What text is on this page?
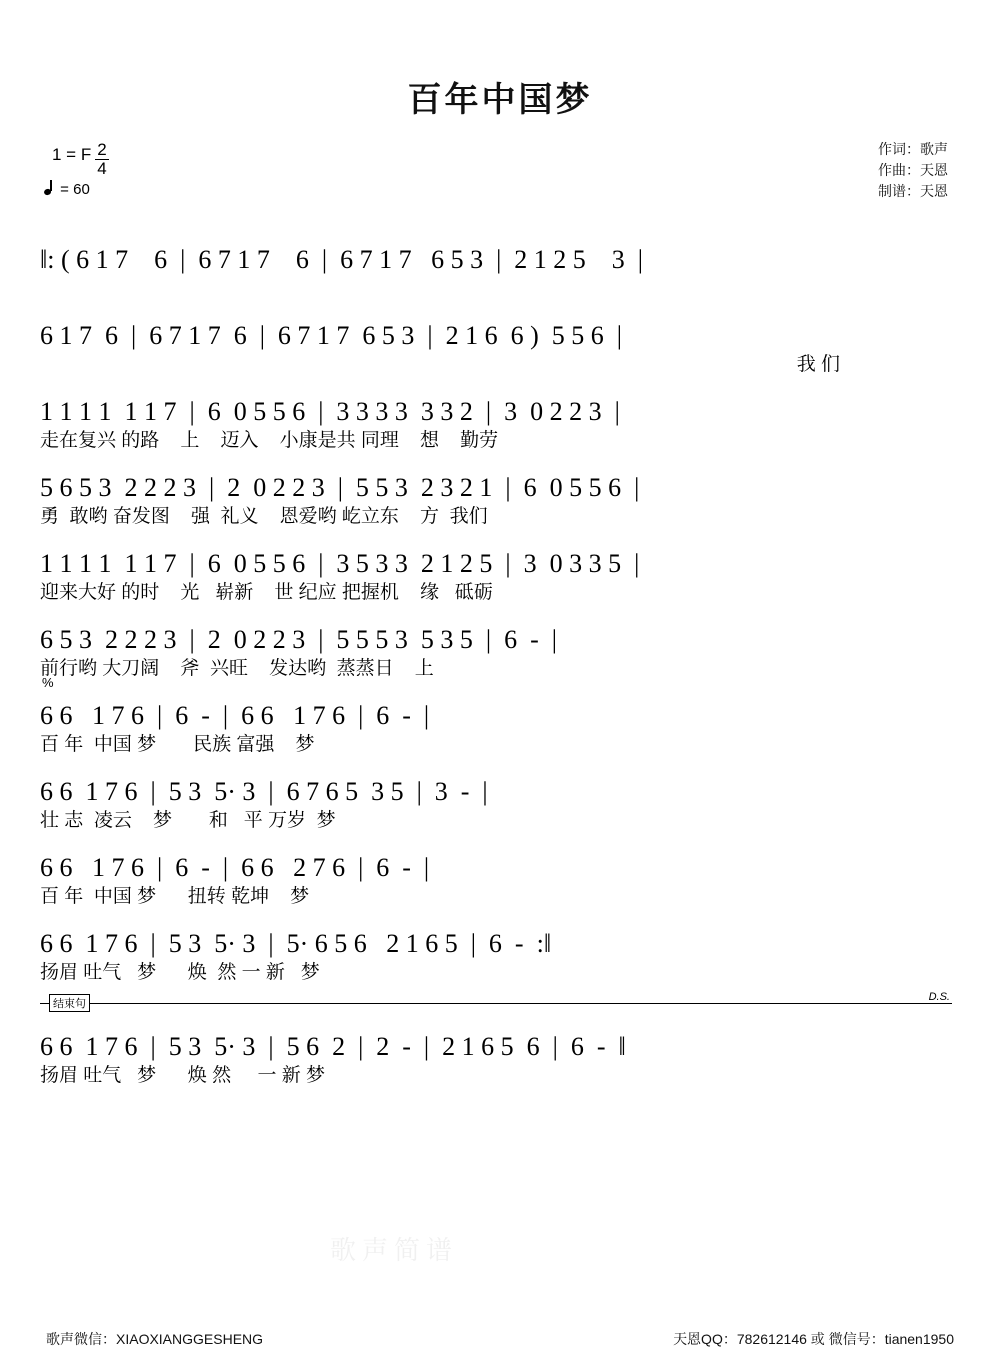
百年中国梦
1 = F $\frac{2}{4}$
= 60
作词：歌声
作曲：天恩
制谱：天恩
‖: ( 6 1 7    6  |  6 7 1 7    6  |  6 7 1 7   6 5 3  |  2 1 2 5    3  |
6 1 7  6  |  6 7 1 7  6  |  6 7 1 7  6 5 3  |  2 1 6  6 )  5 5 6  |
我 们
1 1 1 1  1 1 7  |  6  0 5 5 6  |  3 3 3 3  3 3 2  |  3  0 2 2 3  |
走在复兴 的路    上    迈入    小康是共 同理    想    勤劳
5 6 5 3  2 2 2 3  |  2  0 2 2 3  |  5 5 3  2 3 2 1  |  6  0 5 5 6  |
勇  敢哟 奋发图    强  礼义    恩爱哟 屹立东    方  我们
1 1 1 1  1 1 7  |  6  0 5 5 6  |  3 5 3 3  2 1 2 5  |  3  0 3 3 5  |
迎来大好 的时    光   崭新    世 纪应 把握机    缘   砥砺
6 5 3  2 2 2 3  |  2  0 2 2 3  |  5 5 5 3  5 3 5  |  6  -  |
前行哟 大刀阔    斧  兴旺    发达哟  蒸蒸日    上
%
6 6   1 7 6  |  6  -  |  6 6   1 7 6  |  6  -  |
百 年  中国 梦       民族 富强    梦
6 6  1 7 6  |  5 3  5· 3  |  6 7 6 5  3 5  |  3  -  |
壮 志  凌云    梦       和   平 万岁  梦
6 6   1 7 6  |  6  -  |  6 6   2 7 6  |  6  -  |
百 年  中国 梦      扭转 乾坤    梦
6 6  1 7 6  |  5 3  5· 3  |  5· 6 5 6   2 1 6 5  |  6  -  :‖
D.S.
扬眉 吐气   梦      焕  然 一 新   梦
结束句
6 6  1 7 6  |  5 3  5· 3  |  5 6  2  |  2  -  |  2 1 6 5  6  |  6  -  ‖
扬眉 吐气   梦      焕 然     一 新 梦
歌声简谱
歌声微信：XIAOXIANGGESHENG	天恩QQ：782612146 或 微信号：tianen1950
